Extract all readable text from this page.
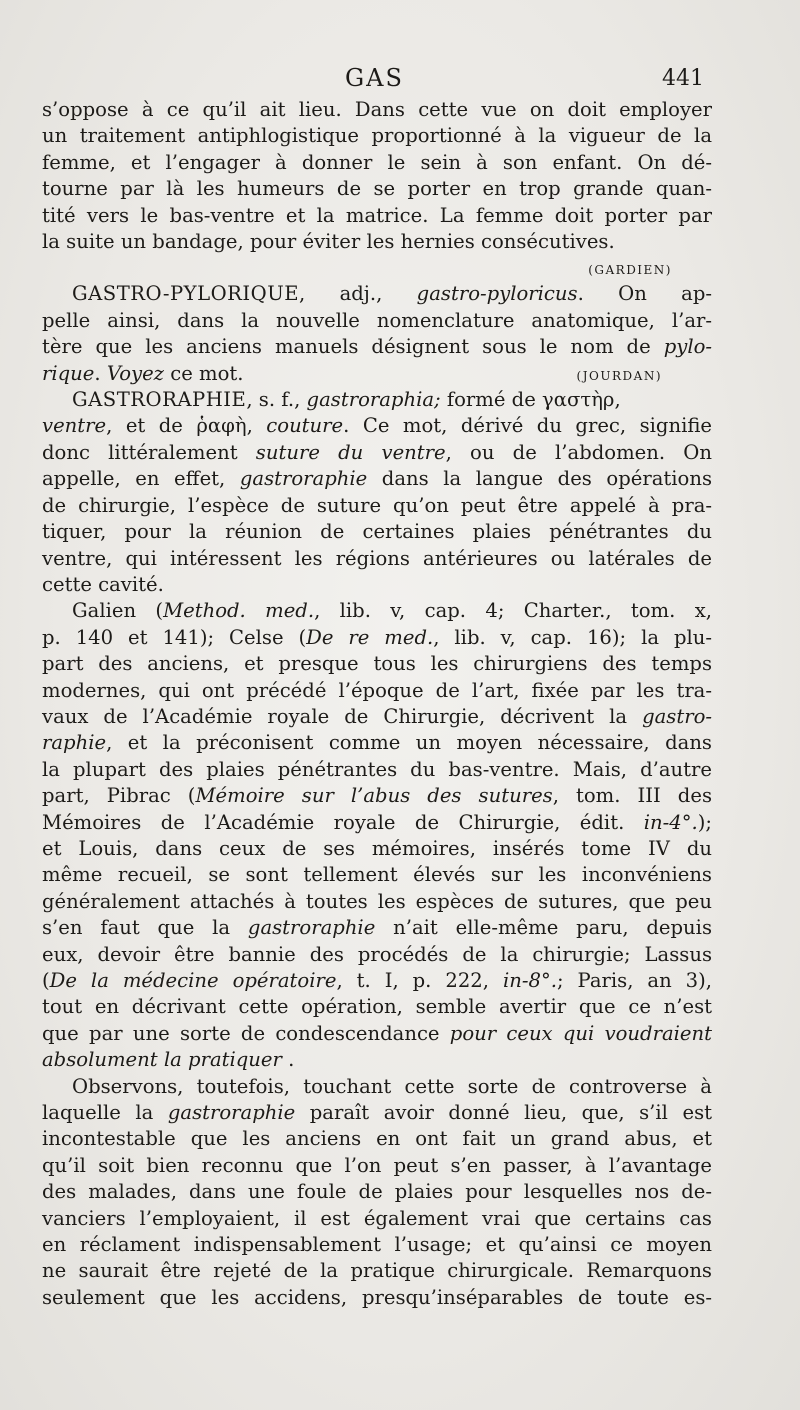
GAS	441
s’oppose à ce qu’il ait lieu. Dans cette vue on doit employer
un traitement antiphlogistique proportionné à la vigueur de la
femme, et l’engager à donner le sein à son enfant. On dé-
tourne par là les humeurs de se porter en trop grande quan-
tité vers le bas-ventre et la matrice. La femme doit porter par
la suite un bandage, pour éviter les hernies consécutives.
(GARDIEN)
GASTRO-PYLORIQUE, adj., gastro-pyloricus. On ap-
pelle ainsi, dans la nouvelle nomenclature anatomique, l’ar-
tère que les anciens manuels désignent sous le nom de pylo-
rique. Voyez ce mot.	(JOURDAN)
GASTRORAPHIE, s. f., gastroraphia; formé de γαστὴρ,
ventre, et de ῥαφὴ, couture. Ce mot, dérivé du grec, signifie
donc littéralement suture du ventre, ou de l’abdomen. On
appelle, en effet, gastroraphie dans la langue des opérations
de chirurgie, l’espèce de suture qu’on peut être appelé à pra-
tiquer, pour la réunion de certaines plaies pénétrantes du
ventre, qui intéressent les régions antérieures ou latérales de
cette cavité.
Galien (Method. med., lib. v, cap. 4; Charter., tom. x,
p. 140 et 141); Celse (De re med., lib. v, cap. 16); la plu-
part des anciens, et presque tous les chirurgiens des temps
modernes, qui ont précédé l’époque de l’art, fixée par les tra-
vaux de l’Académie royale de Chirurgie, décrivent la gastro-
raphie, et la préconisent comme un moyen nécessaire, dans
la plupart des plaies pénétrantes du bas-ventre. Mais, d’autre
part, Pibrac (Mémoire sur l’abus des sutures, tom. III des
Mémoires de l’Académie royale de Chirurgie, édit. in-4°.);
et Louis, dans ceux de ses mémoires, insérés tome IV du
même recueil, se sont tellement élevés sur les inconvéniens
généralement attachés à toutes les espèces de sutures, que peu
s’en faut que la gastroraphie n’ait elle-même paru, depuis
eux, devoir être bannie des procédés de la chirurgie; Lassus
(De la médecine opératoire, t. I, p. 222, in-8°.; Paris, an 3),
tout en décrivant cette opération, semble avertir que ce n’est
que par une sorte de condescendance pour ceux qui voudraient
absolument la pratiquer .
Observons, toutefois, touchant cette sorte de controverse à
laquelle la gastroraphie paraît avoir donné lieu, que, s’il est
incontestable que les anciens en ont fait un grand abus, et
qu’il soit bien reconnu que l’on peut s’en passer, à l’avantage
des malades, dans une foule de plaies pour lesquelles nos de-
vanciers l’employaient, il est également vrai que certains cas
en réclament indispensablement l’usage; et qu’ainsi ce moyen
ne saurait être rejeté de la pratique chirurgicale. Remarquons
seulement que les accidens, presqu’inséparables de toute es-
